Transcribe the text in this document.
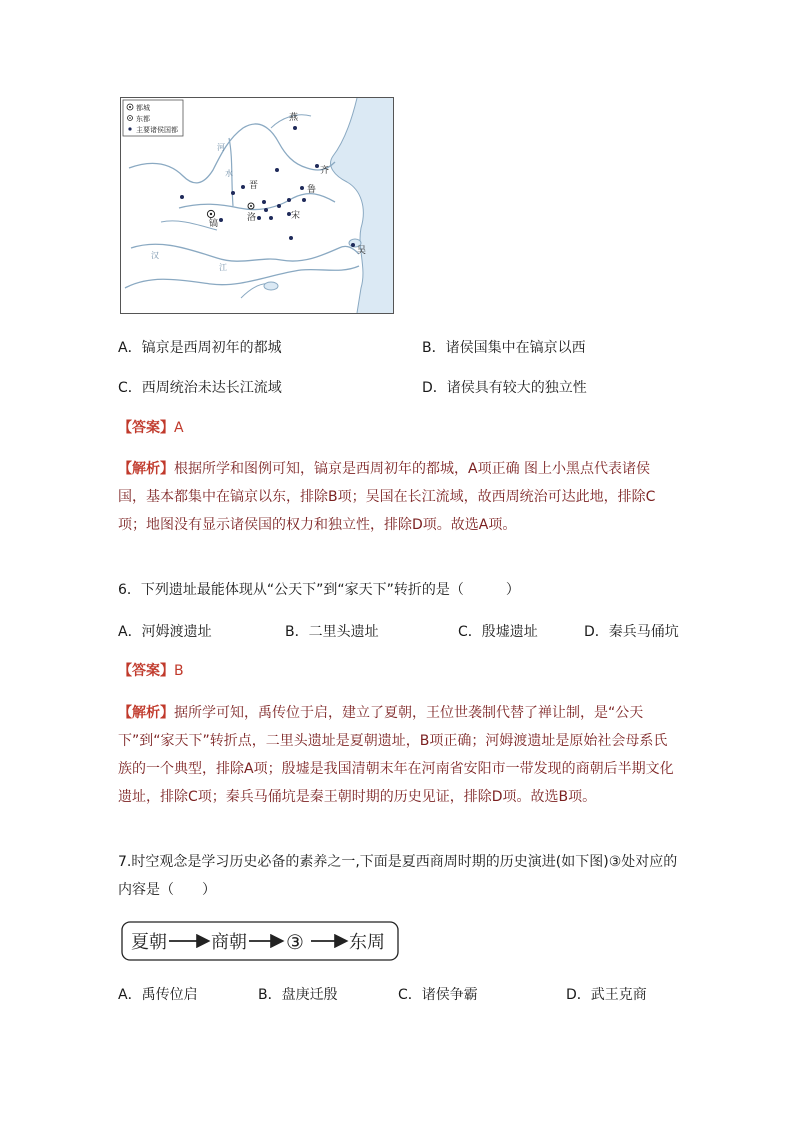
都城
东都
主要诸侯国都
燕
齐
晋	鲁
洛	宋
镐
吴
河
水
江
汉
A．镐京是西周初年的都城	B．诸侯国集中在镐京以西
C．西周统治未达长江流域	D．诸侯具有较大的独立性
【答案】A
【解析】根据所学和图例可知，镐京是西周初年的都城，A项正确 图上小黑点代表诸侯国，基本都集中在镐京以东，排除B项；吴国在长江流域，故西周统治可达此地，排除C项；地图没有显示诸侯国的权力和独立性，排除D项。故选A项。
6．下列遗址最能体现从“公天下”到“家天下”转折的是（　　　）
A．河姆渡遗址	B．二里头遗址	C．殷墟遗址	D．秦兵马俑坑
【答案】B
【解析】据所学可知，禹传位于启，建立了夏朝，王位世袭制代替了禅让制，是“公天下”到“家天下”转折点，二里头遗址是夏朝遗址，B项正确；河姆渡遗址是原始社会母系氏族的一个典型，排除A项；殷墟是我国清朝末年在河南省安阳市一带发现的商朝后半期文化遗址，排除C项；秦兵马俑坑是秦王朝时期的历史见证，排除D项。故选B项。
7.时空观念是学习历史必备的素养之一,下面是夏西商周时期的历史演进(如下图)③处对应的内容是（　　）
夏朝 商朝 ③	东周
A．禹传位启	B．盘庚迁殷	C．诸侯争霸	D．武王克商
